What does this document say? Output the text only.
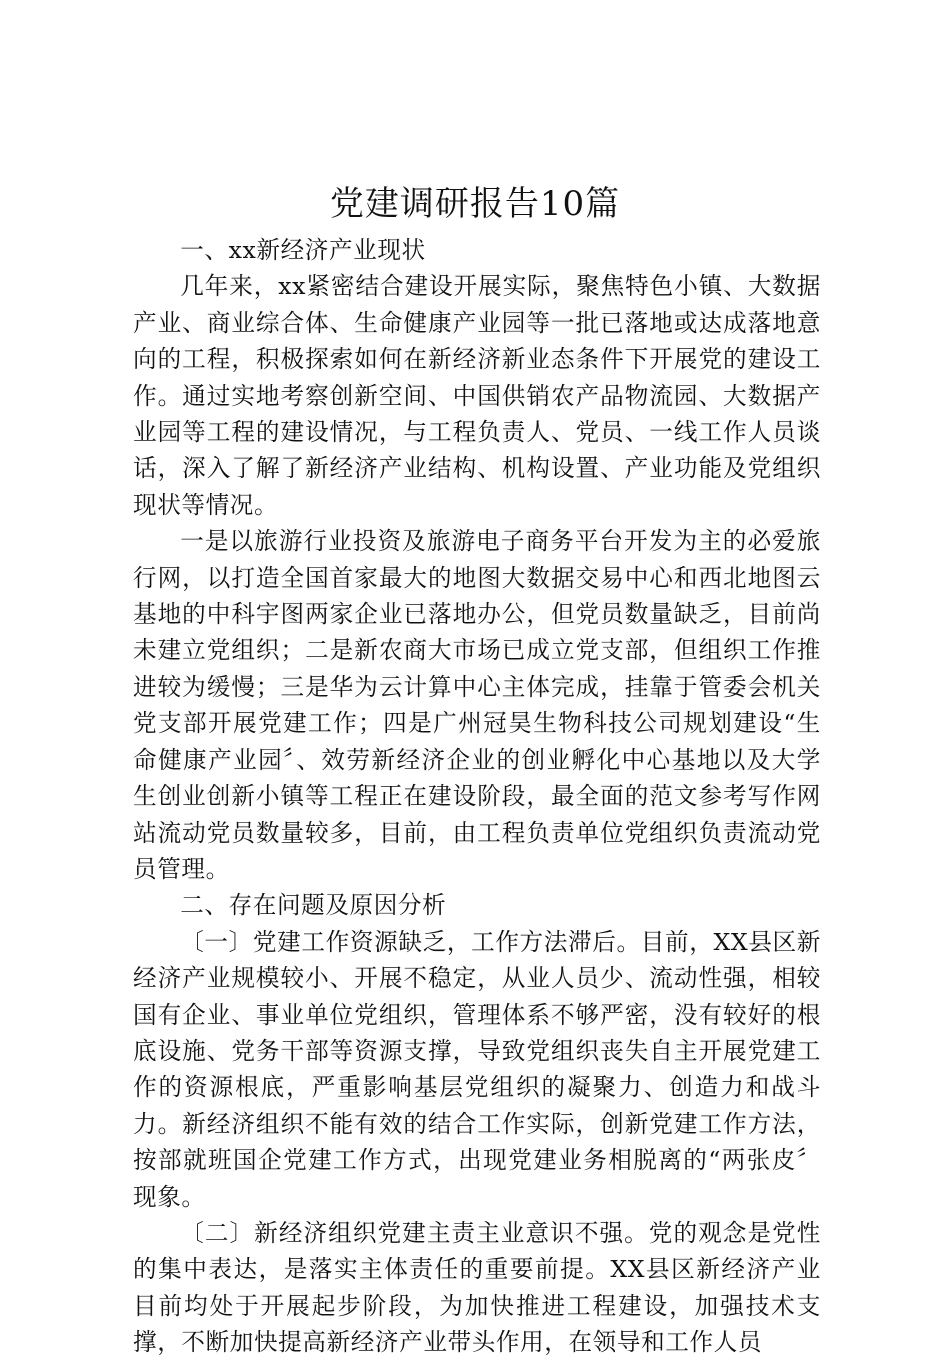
党建调研报告10篇
一、xx新经济产业现状

几年来，xx紧密结合建设开展实际，聚焦特色小镇、大数据产业、商业综合体、生命健康产业园等一批已落地或达成落地意向的工程，积极探索如何在新经济新业态条件下开展党的建设工作。通过实地考察创新空间、中国供销农产品物流园、大数据产业园等工程的建设情况，与工程负责人、党员、一线工作人员谈话，深入了解了新经济产业结构、机构设置、产业功能及党组织现状等情况。

一是以旅游行业投资及旅游电子商务平台开发为主的必爱旅行网，以打造全国首家最大的地图大数据交易中心和西北地图云基地的中科宇图两家企业已落地办公，但党员数量缺乏，目前尚未建立党组织；二是新农商大市场已成立党支部，但组织工作推进较为缓慢；三是华为云计算中心主体完成，挂靠于管委会机关党支部开展党建工作；四是广州冠昊生物科技公司规划建设“生命健康产业园〞、效劳新经济企业的创业孵化中心基地以及大学生创业创新小镇等工程正在建设阶段，最全面的范文参考写作网站流动党员数量较多，目前，由工程负责单位党组织负责流动党员管理。

二、存在问题及原因分析

〔一〕党建工作资源缺乏，工作方法滞后。目前，XX县区新经济产业规模较小、开展不稳定，从业人员少、流动性强，相较国有企业、事业单位党组织，管理体系不够严密，没有较好的根底设施、党务干部等资源支撑，导致党组织丧失自主开展党建工作的资源根底，严重影响基层党组织的凝聚力、创造力和战斗力。新经济组织不能有效的结合工作实际，创新党建工作方法，按部就班国企党建工作方式，出现党建业务相脱离的“两张皮〞现象。

〔二〕新经济组织党建主责主业意识不强。党的观念是党性的集中表达，是落实主体责任的重要前提。XX县区新经济产业目前均处于开展起步阶段，为加快推进工程建设，加强技术支撑，不断加快提高新经济产业带头作用，在领导和工作人员
